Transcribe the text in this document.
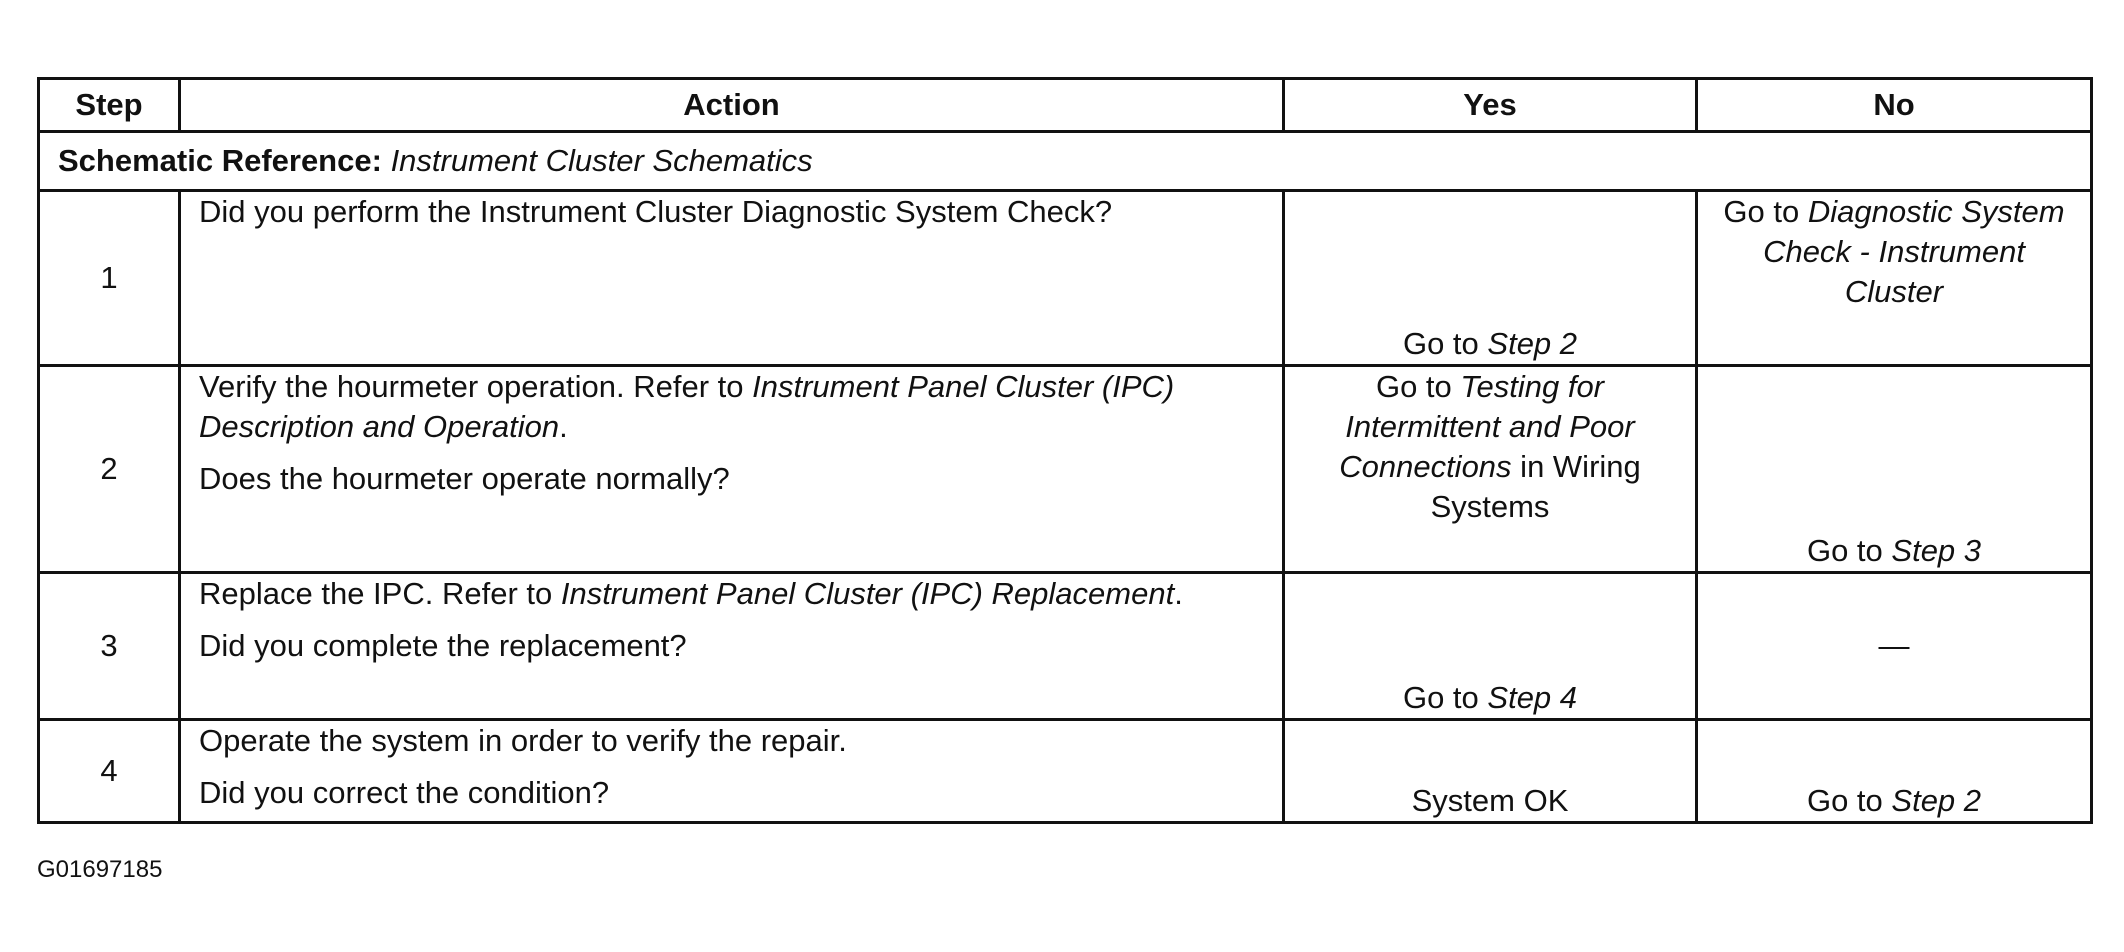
Step	Action	Yes	No
Schematic Reference: Instrument Cluster Schematics			
1	Did you perform the Instrument Cluster Diagnostic System Check?	Go to Step 2	Go to Diagnostic System Check - Instrument Cluster
2	Verify the hourmeter operation. Refer to Instrument Panel Cluster (IPC) Description and Operation.

Does the hourmeter operate normally?	Go to Testing for Intermittent and Poor Connections in Wiring Systems	Go to Step 3
3	Replace the IPC. Refer to Instrument Panel Cluster (IPC) Replacement.

Did you complete the replacement?	Go to Step 4	—
4	Operate the system in order to verify the repair.

Did you correct the condition?	System OK	Go to Step 2
G01697185
